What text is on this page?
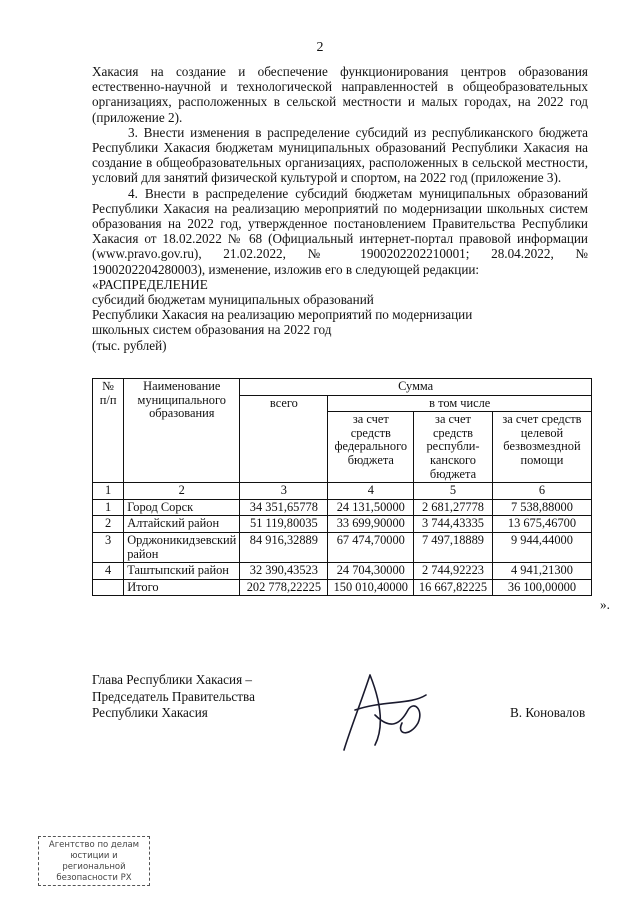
2

Хакасия на создание и обеспечение функционирования центров образования естественно-научной и технологической направленностей в общеобразовательных организациях, расположенных в сельской местности и малых городах, на 2022 год (приложение 2).

3. Внести изменения в распределение субсидий из республиканского бюджета Республики Хакасия бюджетам муниципальных образований Республики Хакасия на создание в общеобразовательных организациях, расположенных в сельской местности, условий для занятий физической культурой и спортом, на 2022 год (приложение 3).

4. Внести в распределение субсидий бюджетам муниципальных образований Республики Хакасия на реализацию мероприятий по модернизации школьных систем образования на 2022 год, утвержденное постановлением Правительства Республики Хакасия от 18.02.2022 № 68 (Официальный интернет-портал правовой информации (www.pravo.gov.ru), 21.02.2022, № 1900202202210001; 28.04.2022, № 1900202204280003), изменение, изложив его в следующей редакции:

«РАСПРЕДЕЛЕНИЕ

субсидий бюджетам муниципальных образований

Республики Хакасия на реализацию мероприятий по модернизации

школьных систем образования на 2022 год

(тыс. рублей)

№ п/п	Наименование муниципального образования	Сумма			
		всего	в том числе		
			за счет средств федерального бюджета	за счет средств республи-канского бюджета	за счет средств целевой безвозмездной помощи
1	2	3	4	5	6
1	Город Сорск	34 351,65778	24 131,50000	2 681,27778	7 538,88000
2	Алтайский район	51 119,80035	33 699,90000	3 744,43335	13 675,46700
3	Орджоникидзевский район	84 916,32889	67 474,70000	7 497,18889	9 944,44000
4	Таштыпский район	32 390,43523	24 704,30000	2 744,92223	4 941,21300
	Итого	202 778,22225	150 010,40000	16 667,82225	36 100,00000
».
Глава Республики Хакасия –
Председатель Правительства
Республики Хакасия	В. Коновалов
Агентство по делам
юстиции и региональной
безопасности РХ
